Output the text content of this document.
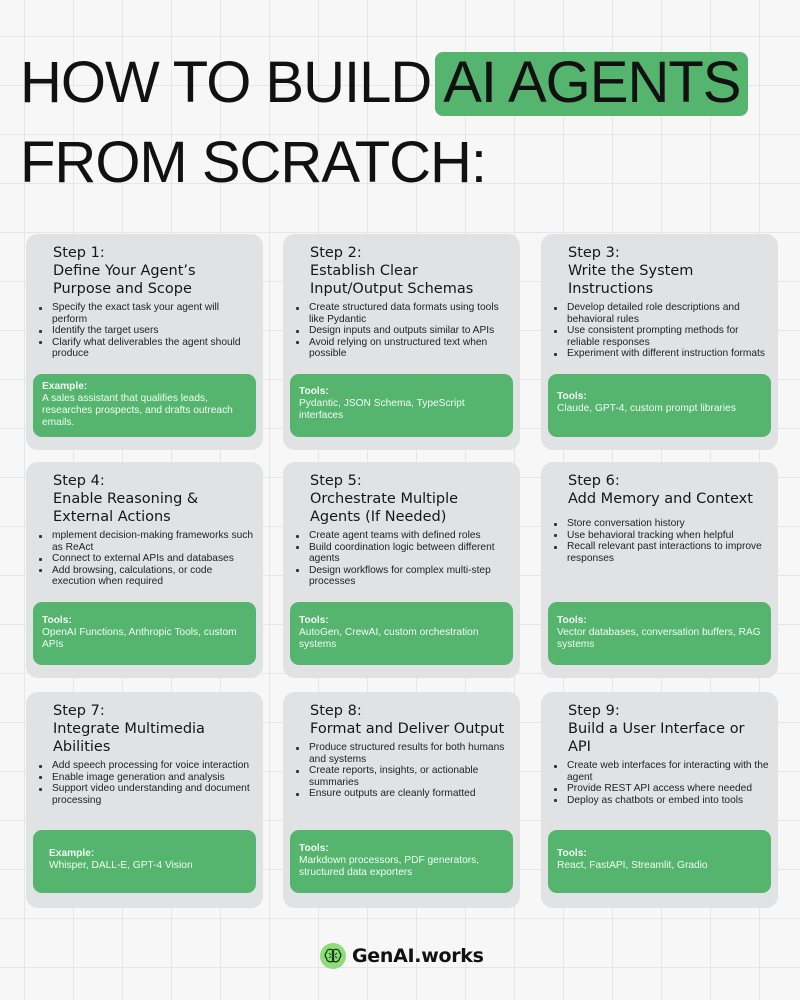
HOW TO BUILD AI AGENTS
FROM SCRATCH:

Step 1:

Define Your Agent’s Purpose and Scope

Specify the exact task your agent will perform
Identify the target users
Clarify what deliverables the agent should produce
Example:
A sales assistant that qualifies leads, researches prospects, and drafts outreach emails.

Step 2:

Establish Clear Input/Output Schemas

Create structured data formats using tools like Pydantic
Design inputs and outputs similar to APIs
Avoid relying on unstructured text when possible
Tools:
Pydantic, JSON Schema, TypeScript interfaces

Step 3:

Write the System Instructions

Develop detailed role descriptions and behavioral rules
Use consistent prompting methods for reliable responses
Experiment with different instruction formats
Tools:
Claude, GPT-4, custom prompt libraries

Step 4:

Enable Reasoning & External Actions

mplement decision-making frameworks such as ReAct
Connect to external APIs and databases
Add browsing, calculations, or code execution when required
Tools:
OpenAI Functions, Anthropic Tools, custom APIs

Step 5:

Orchestrate Multiple Agents (If Needed)

Create agent teams with defined roles
Build coordination logic between different agents
Design workflows for complex multi-step processes
Tools:
AutoGen, CrewAI, custom orchestration systems

Step 6:

Add Memory and Context

Store conversation history
Use behavioral tracking when helpful
Recall relevant past interactions to improve responses
Tools:
Vector databases, conversation buffers, RAG systems

Step 7:

Integrate Multimedia Abilities

Add speech processing for voice interaction
Enable image generation and analysis
Support video understanding and document processing
Example:
Whisper, DALL-E, GPT-4 Vision

Step 8:

Format and Deliver Output

Produce structured results for both humans and systems
Create reports, insights, or actionable summaries
Ensure outputs are cleanly formatted
Tools:
Markdown processors, PDF generators, structured data exporters

Step 9:

Build a User Interface or API

Create web interfaces for interacting with the agent
Provide REST API access where needed
Deploy as chatbots or embed into tools
Tools:
React, FastAPI, Streamlit, Gradio
GenAI.works
